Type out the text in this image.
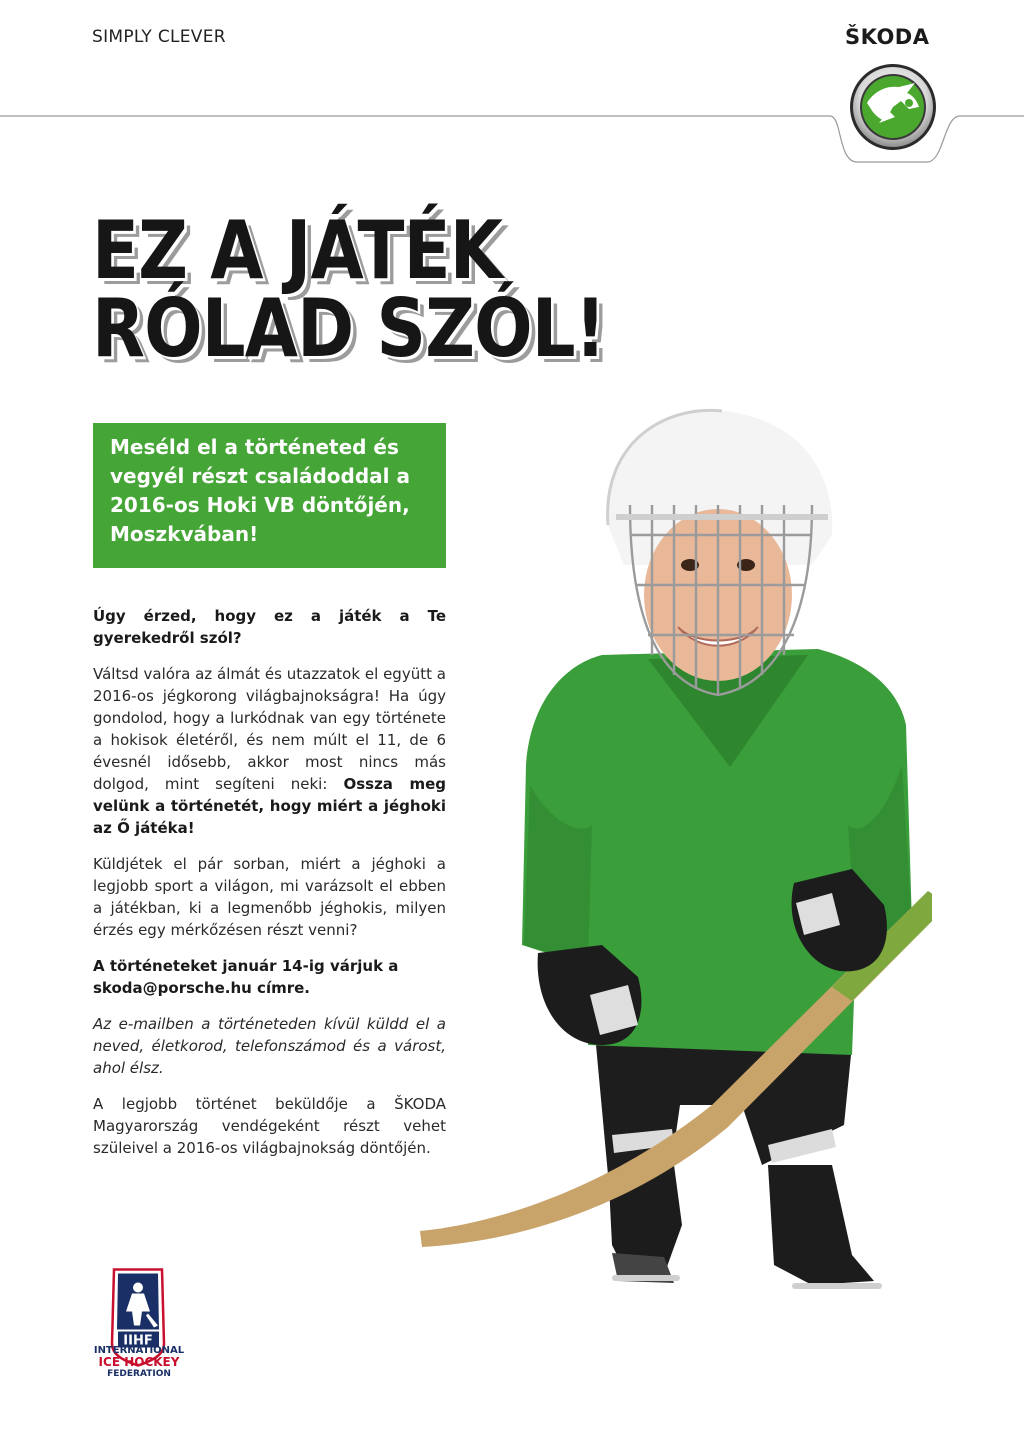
SIMPLY CLEVER	ŠKODA
EZ A JÁTÉK
RÓLAD SZÓL!
Meséld el a történeted és
vegyél részt családoddal a
2016-os Hoki VB döntőjén,
Moszkvában!

Úgy érzed, hogy ez a játék a Te gyerekedről szól?

Váltsd valóra az álmát és utazzatok el együtt a 2016-os jégkorong világbajnokságra! Ha úgy gondolod, hogy a lurkódnak van egy története a hokisok életéről, és nem múlt el 11, de 6 évesnél idősebb, akkor most nincs más dolgod, mint segíteni neki: Ossza meg velünk a történetét, hogy miért a jéghoki az Ő játéka!

Küldjétek el pár sorban, miért a jéghoki a legjobb sport a világon, mi varázsolt el ebben a játékban, ki a legmenőbb jéghokis, milyen érzés egy mérkőzésen részt venni?

A történeteket január 14-ig várjuk a skoda@porsche.hu címre.

Az e-mailben a történeteden kívül küldd el a neved, életkorod, telefonszámod és a várost, ahol élsz.

A legjobb történet beküldője a ŠKODA Magyarország vendégeként részt vehet szüleivel a 2016-os világbajnokság döntőjén.

IIHF
INTERNATIONAL
ICE HOCKEY
FEDERATION
